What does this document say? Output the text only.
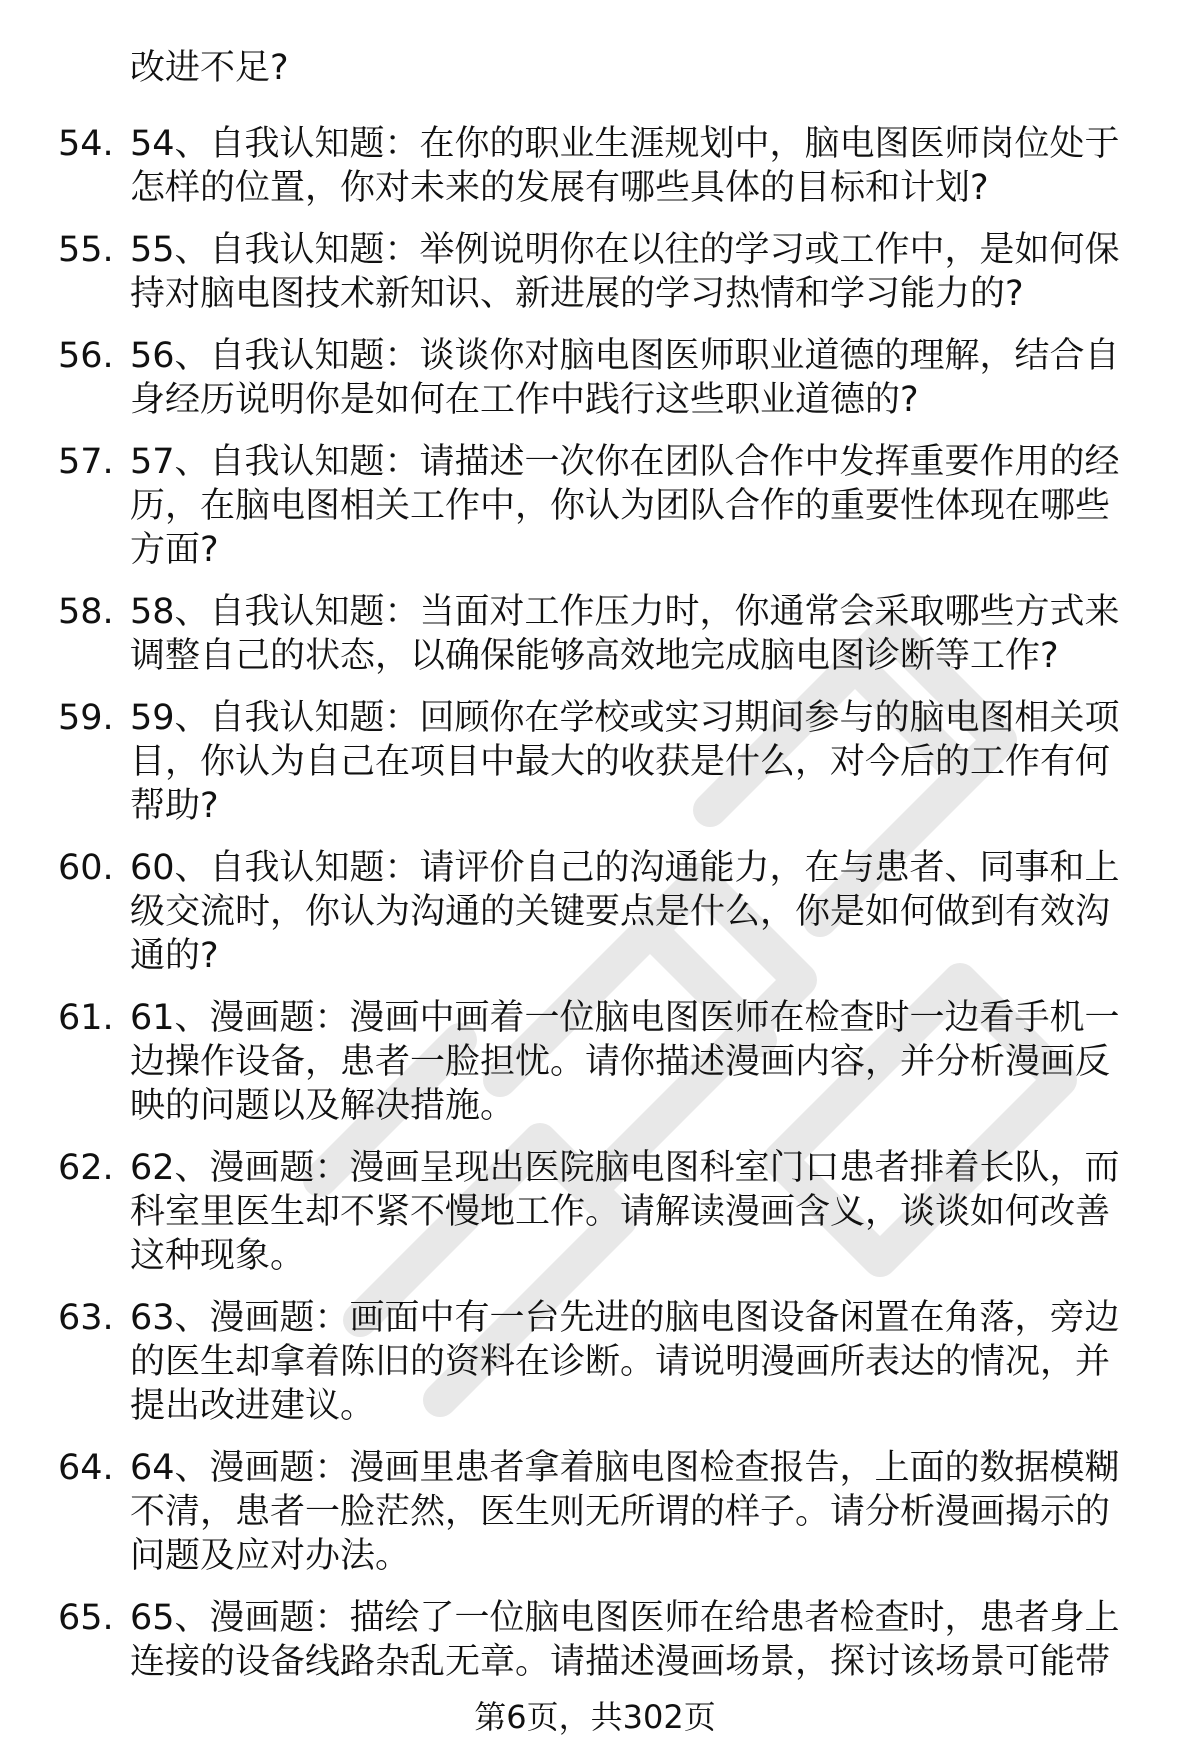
改进不足?
54. 54、自我认知题：在你的职业生涯规划中，脑电图医师岗位处于
怎样的位置，你对未来的发展有哪些具体的目标和计划?
55. 55、自我认知题：举例说明你在以往的学习或工作中，是如何保
持对脑电图技术新知识、新进展的学习热情和学习能力的?
56. 56、自我认知题：谈谈你对脑电图医师职业道德的理解，结合自
身经历说明你是如何在工作中践行这些职业道德的?
57. 57、自我认知题：请描述一次你在团队合作中发挥重要作用的经
历，在脑电图相关工作中，你认为团队合作的重要性体现在哪些
方面?
58. 58、自我认知题：当面对工作压力时，你通常会采取哪些方式来
调整自己的状态，以确保能够高效地完成脑电图诊断等工作?
59. 59、自我认知题：回顾你在学校或实习期间参与的脑电图相关项
目，你认为自己在项目中最大的收获是什么，对今后的工作有何
帮助?
60. 60、自我认知题：请评价自己的沟通能力，在与患者、同事和上
级交流时，你认为沟通的关键要点是什么，你是如何做到有效沟
通的?
61. 61、漫画题：漫画中画着一位脑电图医师在检查时一边看手机一
边操作设备，患者一脸担忧。请你描述漫画内容，并分析漫画反
映的问题以及解决措施。
62. 62、漫画题：漫画呈现出医院脑电图科室门口患者排着长队，而
科室里医生却不紧不慢地工作。请解读漫画含义，谈谈如何改善
这种现象。
63. 63、漫画题：画面中有一台先进的脑电图设备闲置在角落，旁边
的医生却拿着陈旧的资料在诊断。请说明漫画所表达的情况，并
提出改进建议。
64. 64、漫画题：漫画里患者拿着脑电图检查报告，上面的数据模糊
不清，患者一脸茫然，医生则无所谓的样子。请分析漫画揭示的
问题及应对办法。
65. 65、漫画题：描绘了一位脑电图医师在给患者检查时，患者身上
连接的设备线路杂乱无章。请描述漫画场景，探讨该场景可能带
第6页，共302页
